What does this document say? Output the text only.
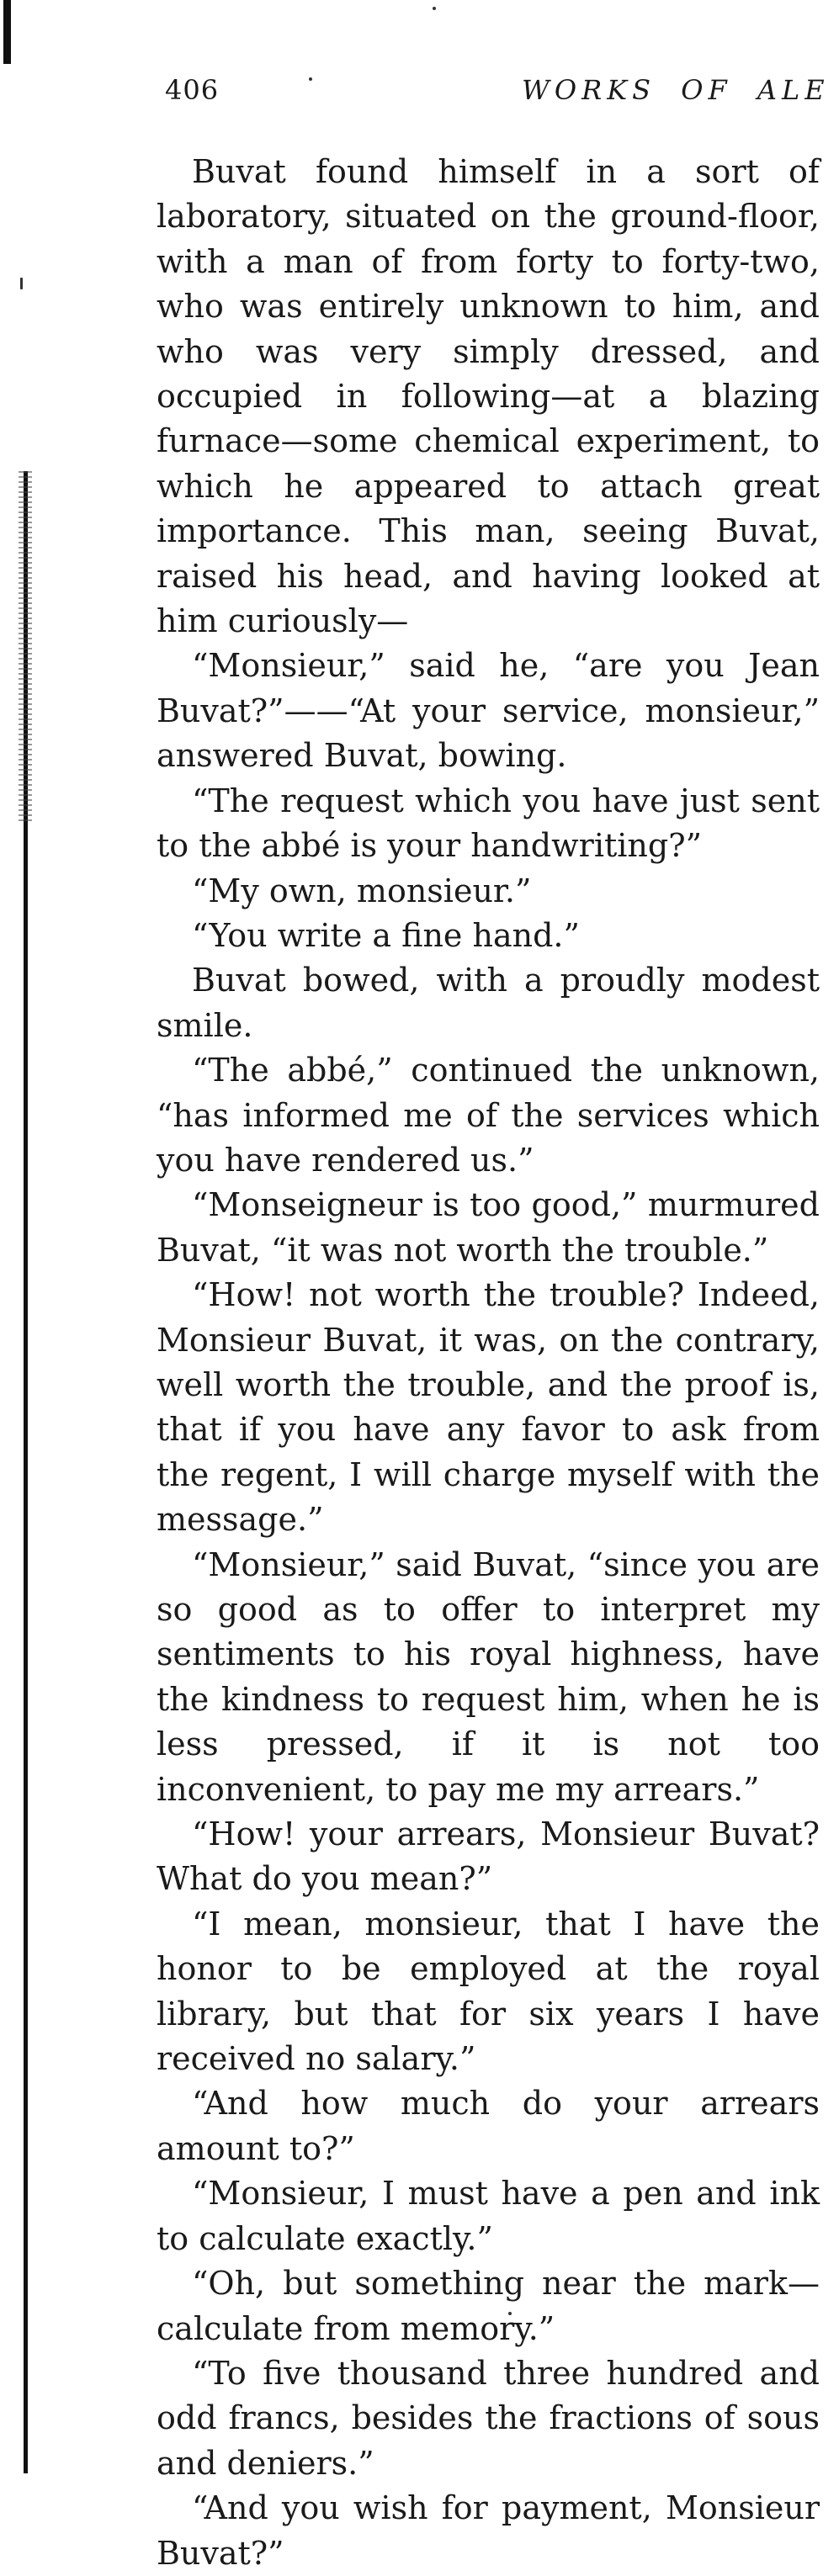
406	WORKS OF ALE

Buvat found himself in a sort of laboratory, situated on the ground-floor, with a man of from forty to forty-two, who was entirely unknown to him, and who was very simply dressed, and occupied in following—at a blazing furnace—some chemical experiment, to which he appeared to attach great importance. This man, seeing Buvat, raised his head, and having looked at him curiously—

“Monsieur,” said he, “are you Jean Buvat?”——“At your service, monsieur,” answered Buvat, bowing.

“The request which you have just sent to the abbé is your handwriting?”

“My own, monsieur.”

“You write a fine hand.”

Buvat bowed, with a proudly modest smile.

“The abbé,” continued the unknown, “has informed me of the services which you have rendered us.”

“Monseigneur is too good,” murmured Buvat, “it was not worth the trouble.”

“How! not worth the trouble? Indeed, Monsieur Buvat, it was, on the contrary, well worth the trouble, and the proof is, that if you have any favor to ask from the regent, I will charge myself with the message.”

“Monsieur,” said Buvat, “since you are so good as to offer to interpret my sentiments to his royal highness, have the kindness to request him, when he is less pressed, if it is not too inconvenient, to pay me my arrears.”

“How! your arrears, Monsieur Buvat? What do you mean?”

“I mean, monsieur, that I have the honor to be employed at the royal library, but that for six years I have received no salary.”

“And how much do your arrears amount to?”

“Monsieur, I must have a pen and ink to calculate exactly.”

“Oh, but something near the mark—calculate from memory.”

“To five thousand three hundred and odd francs, besides the fractions of sous and deniers.”

“And you wish for payment, Monsieur Buvat?”
